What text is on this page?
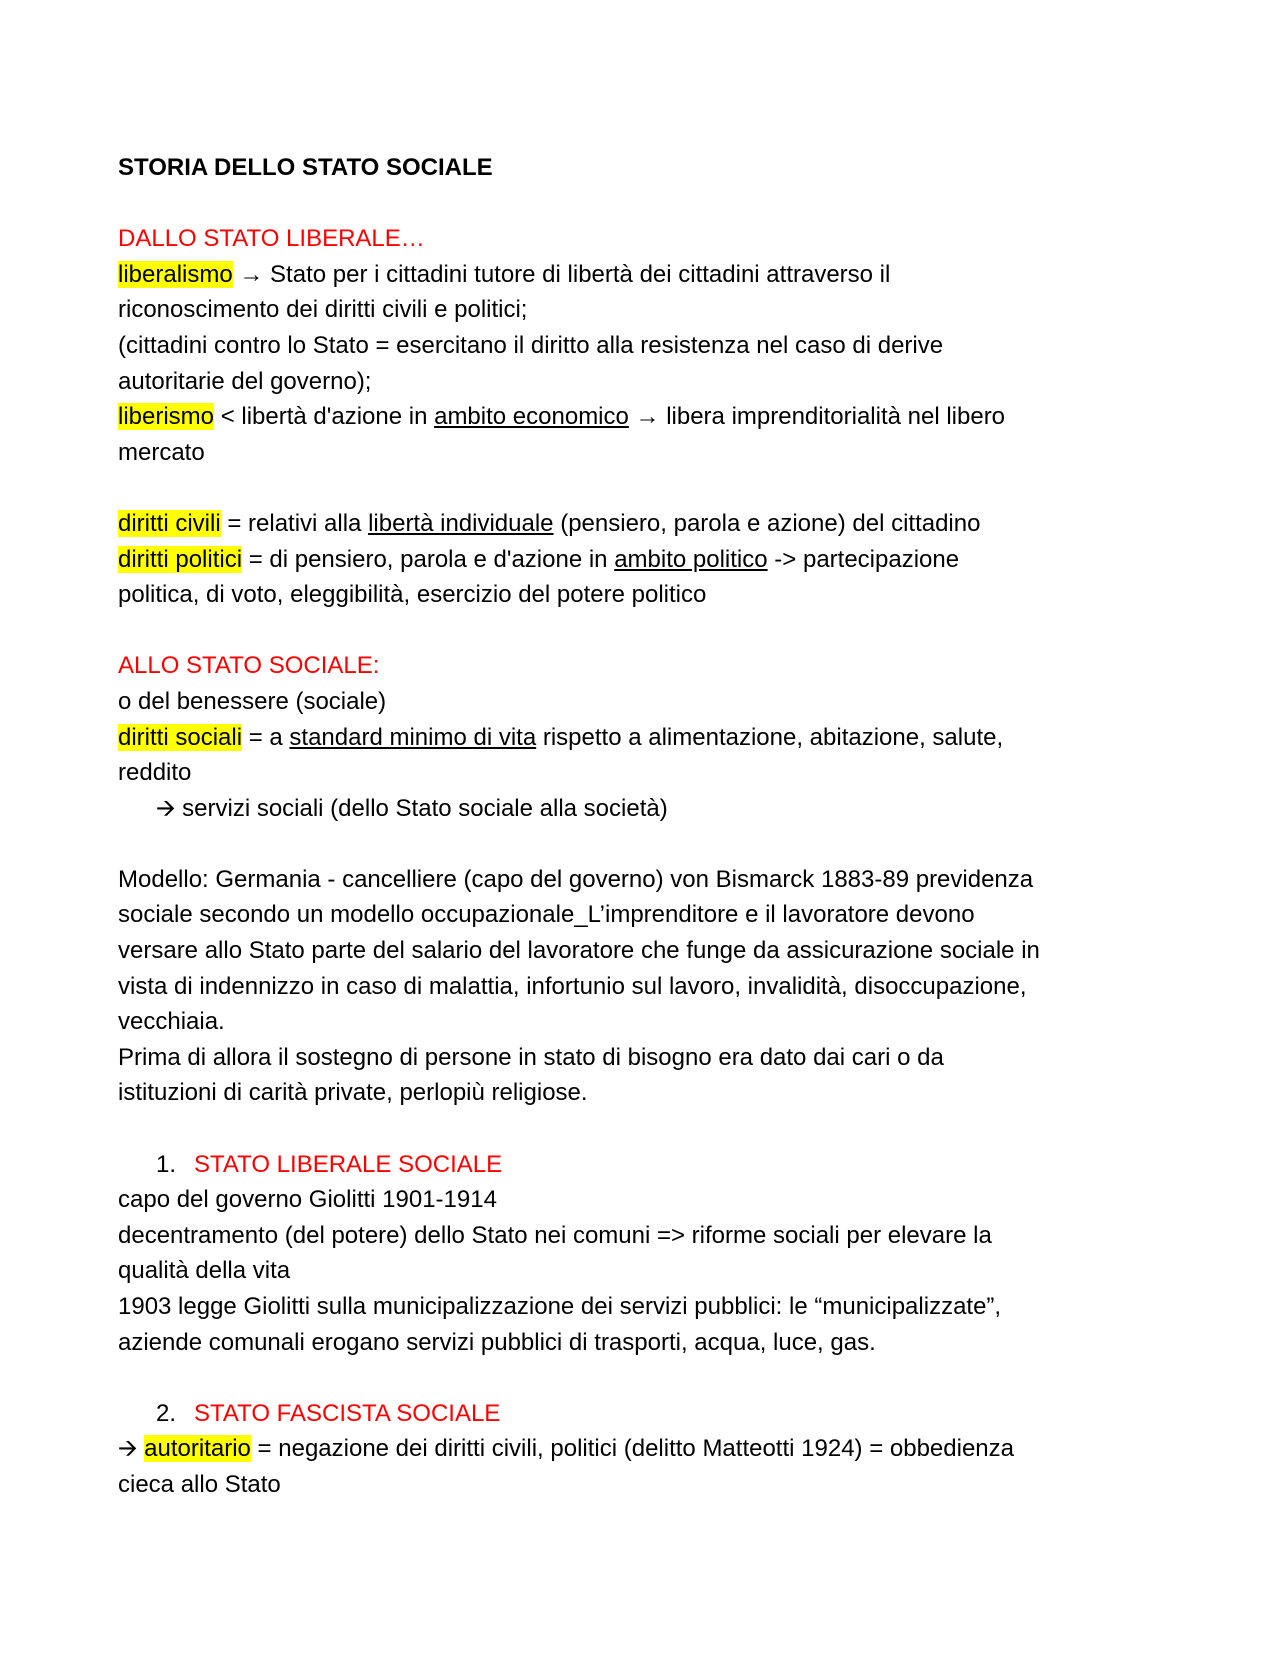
STORIA DELLO STATO SOCIALE
DALLO STATO LIBERALE…
liberalismo → Stato per i cittadini tutore di libertà dei cittadini attraverso il
riconoscimento dei diritti civili e politici;
(cittadini contro lo Stato = esercitano il diritto alla resistenza nel caso di derive
autoritarie del governo);
liberismo < libertà d'azione in ambito economico → libera imprenditorialità nel libero
mercato
diritti civili = relativi alla libertà individuale (pensiero, parola e azione) del cittadino
diritti politici = di pensiero, parola e d'azione in ambito politico -> partecipazione
politica, di voto, eleggibilità, esercizio del potere politico
ALLO STATO SOCIALE:
o del benessere (sociale)
diritti sociali = a standard minimo di vita rispetto a alimentazione, abitazione, salute,
reddito
🡪 servizi sociali (dello Stato sociale alla società)
Modello: Germania - cancelliere (capo del governo) von Bismarck 1883-89 previdenza
sociale secondo un modello occupazionale_L’imprenditore e il lavoratore devono
versare allo Stato parte del salario del lavoratore che funge da assicurazione sociale in
vista di indennizzo in caso di malattia, infortunio sul lavoro, invalidità, disoccupazione,
vecchiaia.
Prima di allora il sostegno di persone in stato di bisogno era dato dai cari o da
istituzioni di carità private, perlopiù religiose.
1. STATO LIBERALE SOCIALE
capo del governo Giolitti 1901-1914
decentramento (del potere) dello Stato nei comuni => riforme sociali per elevare la
qualità della vita
1903 legge Giolitti sulla municipalizzazione dei servizi pubblici: le “municipalizzate”,
aziende comunali erogano servizi pubblici di trasporti, acqua, luce, gas.
2. STATO FASCISTA SOCIALE
🡪 autoritario = negazione dei diritti civili, politici (delitto Matteotti 1924) = obbedienza
cieca allo Stato
